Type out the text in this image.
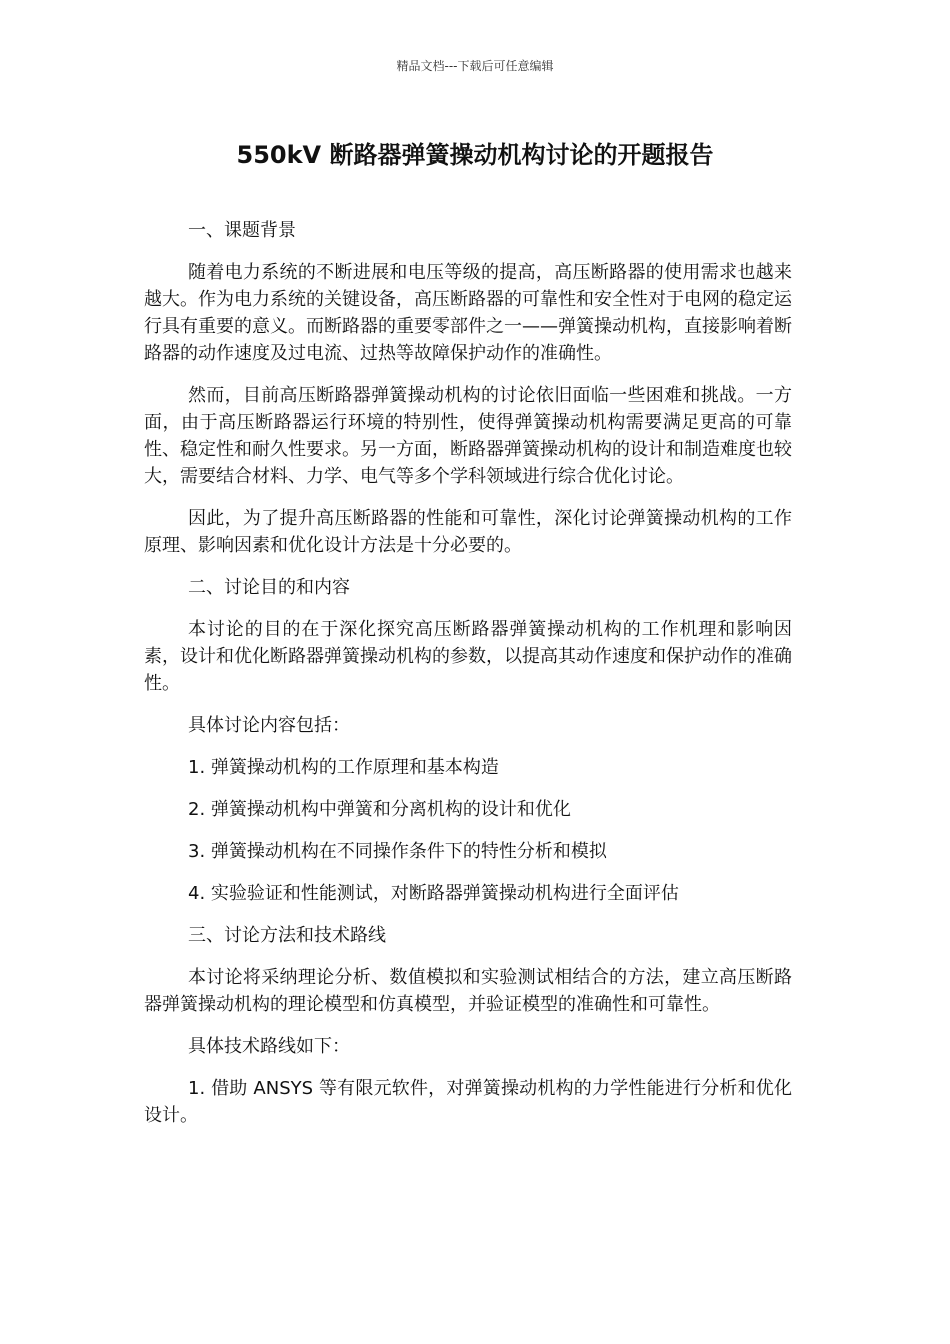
精品文档---下载后可任意编辑
550kV 断路器弹簧操动机构讨论的开题报告

一、课题背景

随着电力系统的不断进展和电压等级的提高，高压断路器的使用需求也越来越大。作为电力系统的关键设备，高压断路器的可靠性和安全性对于电网的稳定运行具有重要的意义。而断路器的重要零部件之一——弹簧操动机构，直接影响着断路器的动作速度及过电流、过热等故障保护动作的准确性。

然而，目前高压断路器弹簧操动机构的讨论依旧面临一些困难和挑战。一方面，由于高压断路器运行环境的特别性，使得弹簧操动机构需要满足更高的可靠性、稳定性和耐久性要求。另一方面，断路器弹簧操动机构的设计和制造难度也较大，需要结合材料、力学、电气等多个学科领域进行综合优化讨论。

因此，为了提升高压断路器的性能和可靠性，深化讨论弹簧操动机构的工作原理、影响因素和优化设计方法是十分必要的。

二、讨论目的和内容

本讨论的目的在于深化探究高压断路器弹簧操动机构的工作机理和影响因素，设计和优化断路器弹簧操动机构的参数，以提高其动作速度和保护动作的准确性。

具体讨论内容包括：

1. 弹簧操动机构的工作原理和基本构造

2. 弹簧操动机构中弹簧和分离机构的设计和优化

3. 弹簧操动机构在不同操作条件下的特性分析和模拟

4. 实验验证和性能测试，对断路器弹簧操动机构进行全面评估

三、讨论方法和技术路线

本讨论将采纳理论分析、数值模拟和实验测试相结合的方法，建立高压断路器弹簧操动机构的理论模型和仿真模型，并验证模型的准确性和可靠性。

具体技术路线如下：

1. 借助 ANSYS 等有限元软件，对弹簧操动机构的力学性能进行分析和优化设计。
